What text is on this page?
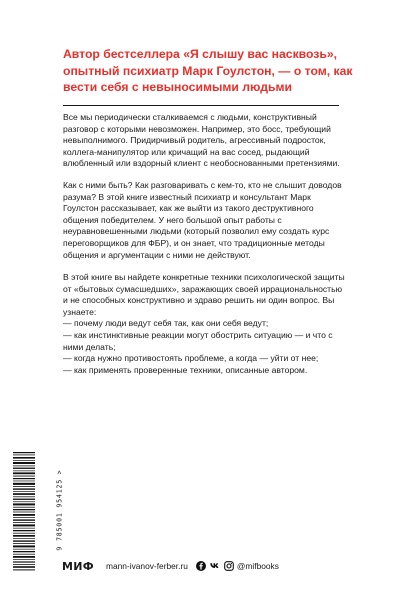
Автор бестселлера «Я слышу вас насквозь», опытный психиатр Марк Гоулстон, — о том, как вести себя с невыносимыми людьми

Все мы периодически сталкиваемся с людьми, конструктивный разговор с которыми невозможен. Например, это босс, требующий невыполнимого. Придирчивый родитель, агрессивный подросток, коллега-манипулятор или кричащий на вас сосед, рыдающий влюбленный или вздорный клиент с необоснованными претензиями.

Как с ними быть? Как разговаривать с кем-то, кто не слышит доводов разума? В этой книге известный психиатр и консультант Марк Гоулстон рассказывает, как же выйти из такого деструктивного общения победителем. У него большой опыт работы с неуравновешенными людьми (который позволил ему создать курс переговорщиков для ФБР), и он знает, что традиционные методы общения и аргументации с ними не действуют.

В этой книге вы найдете конкретные техники психологической защиты от «бытовых сумасшедших», заражающих своей иррациональностью и не способных конструктивно и здраво решить ни один вопрос. Вы узнаете:
— почему люди ведут себя так, как они себя ведут;
— как инстинктивные реакции могут обострить ситуацию — и что с ними делать;
— когда нужно противостоять проблеме, а когда — уйти от нее;
— как применять проверенные техники, описанные автором.
9 785001 954125 >
МИФ mann-ivanov-ferber.ru	@mifbooks
